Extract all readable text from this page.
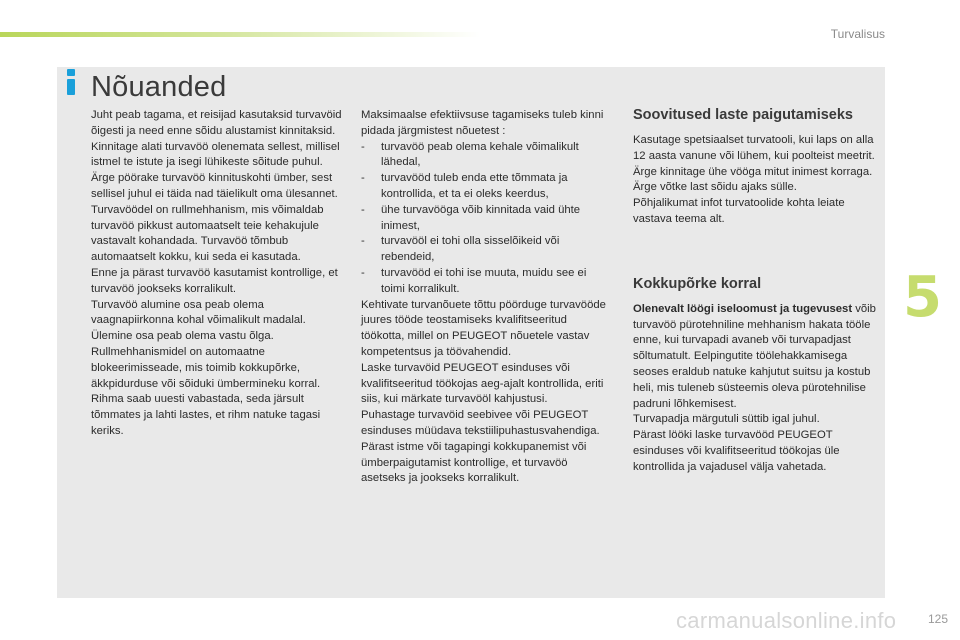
Turvalisus
5
Nõuanded

Juht peab tagama, et reisijad kasutaksid turvavöid õigesti ja need enne sõidu alustamist kinnitaksid.

Kinnitage alati turvavöö olenemata sellest, millisel istmel te istute ja isegi lühikeste sõitude puhul.

Ärge pöörake turvavöö kinnituskohti ümber, sest sellisel juhul ei täida nad täielikult oma ülesannet.

Turvavöödel on rullmehhanism, mis võimaldab turvavöö pikkust automaatselt teie kehakujule vastavalt kohandada. Turvavöö tõmbub automaatselt kokku, kui seda ei kasutada.

Enne ja pärast turvavöö kasutamist kontrollige, et turvavöö jookseks korralikult.

Turvavöö alumine osa peab olema vaagnapiirkonna kohal võimalikult madalal.

Ülemine osa peab olema vastu õlga.

Rullmehhanismidel on automaatne blokeerimisseade, mis toimib kokkupõrke, äkkpidurduse või sõiduki ümbermineku korral. Rihma saab uuesti vabastada, seda järsult tõmmates ja lahti lastes, et rihm natuke tagasi keriks.

Maksimaalse efektiivsuse tagamiseks tuleb kinni pidada järgmistest nõuetest :

- turvavöö peab olema kehale võimalikult lähedal,
- turvavööd tuleb enda ette tõmmata ja kontrollida, et ta ei oleks keerdus,
- ühe turvavööga võib kinnitada vaid ühte inimest,
- turvavööl ei tohi olla sisselõikeid või rebendeid,
- turvavööd ei tohi ise muuta, muidu see ei toimi korralikult.

Kehtivate turvanõuete tõttu pöörduge turvavööde juures tööde teostamiseks kvalifitseeritud töökotta, millel on PEUGEOT nõuetele vastav kompetentsus ja töövahendid.

Laske turvavöid PEUGEOT esinduses või kvalifitseeritud töökojas aeg-ajalt kontrollida, eriti siis, kui märkate turvavööl kahjustusi.

Puhastage turvavöid seebivee või PEUGEOT esinduses müüdava tekstiilipuhastusvahendiga.

Pärast istme või tagapingi kokkupanemist või ümberpaigutamist kontrollige, et turvavöö asetseks ja jookseks korralikult.

Soovitused laste paigutamiseks

Kasutage spetsiaalset turvatooli, kui laps on alla 12 aasta vanune või lühem, kui poolteist meetrit.

Ärge kinnitage ühe vööga mitut inimest korraga.

Ärge võtke last sõidu ajaks sülle.

Põhjalikumat infot turvatoolide kohta leiate vastava teema alt.

Kokkupõrke korral

Olenevalt löögi iseloomust ja tugevusest võib turvavöö pürotehniline mehhanism hakata tööle enne, kui turvapadi avaneb või turvapadjast sõltumatult. Eelpingutite töölehakkamisega seoses eraldub natuke kahjutut suitsu ja kostub heli, mis tuleneb süsteemis oleva pürotehnilise padruni lõhkemisest.

Turvapadja märgutuli süttib igal juhul.

Pärast lööki laske turvavööd PEUGEOT esinduses või kvalifitseeritud töökojas üle kontrollida ja vajadusel välja vahetada.

carmanualsonline.info	125
